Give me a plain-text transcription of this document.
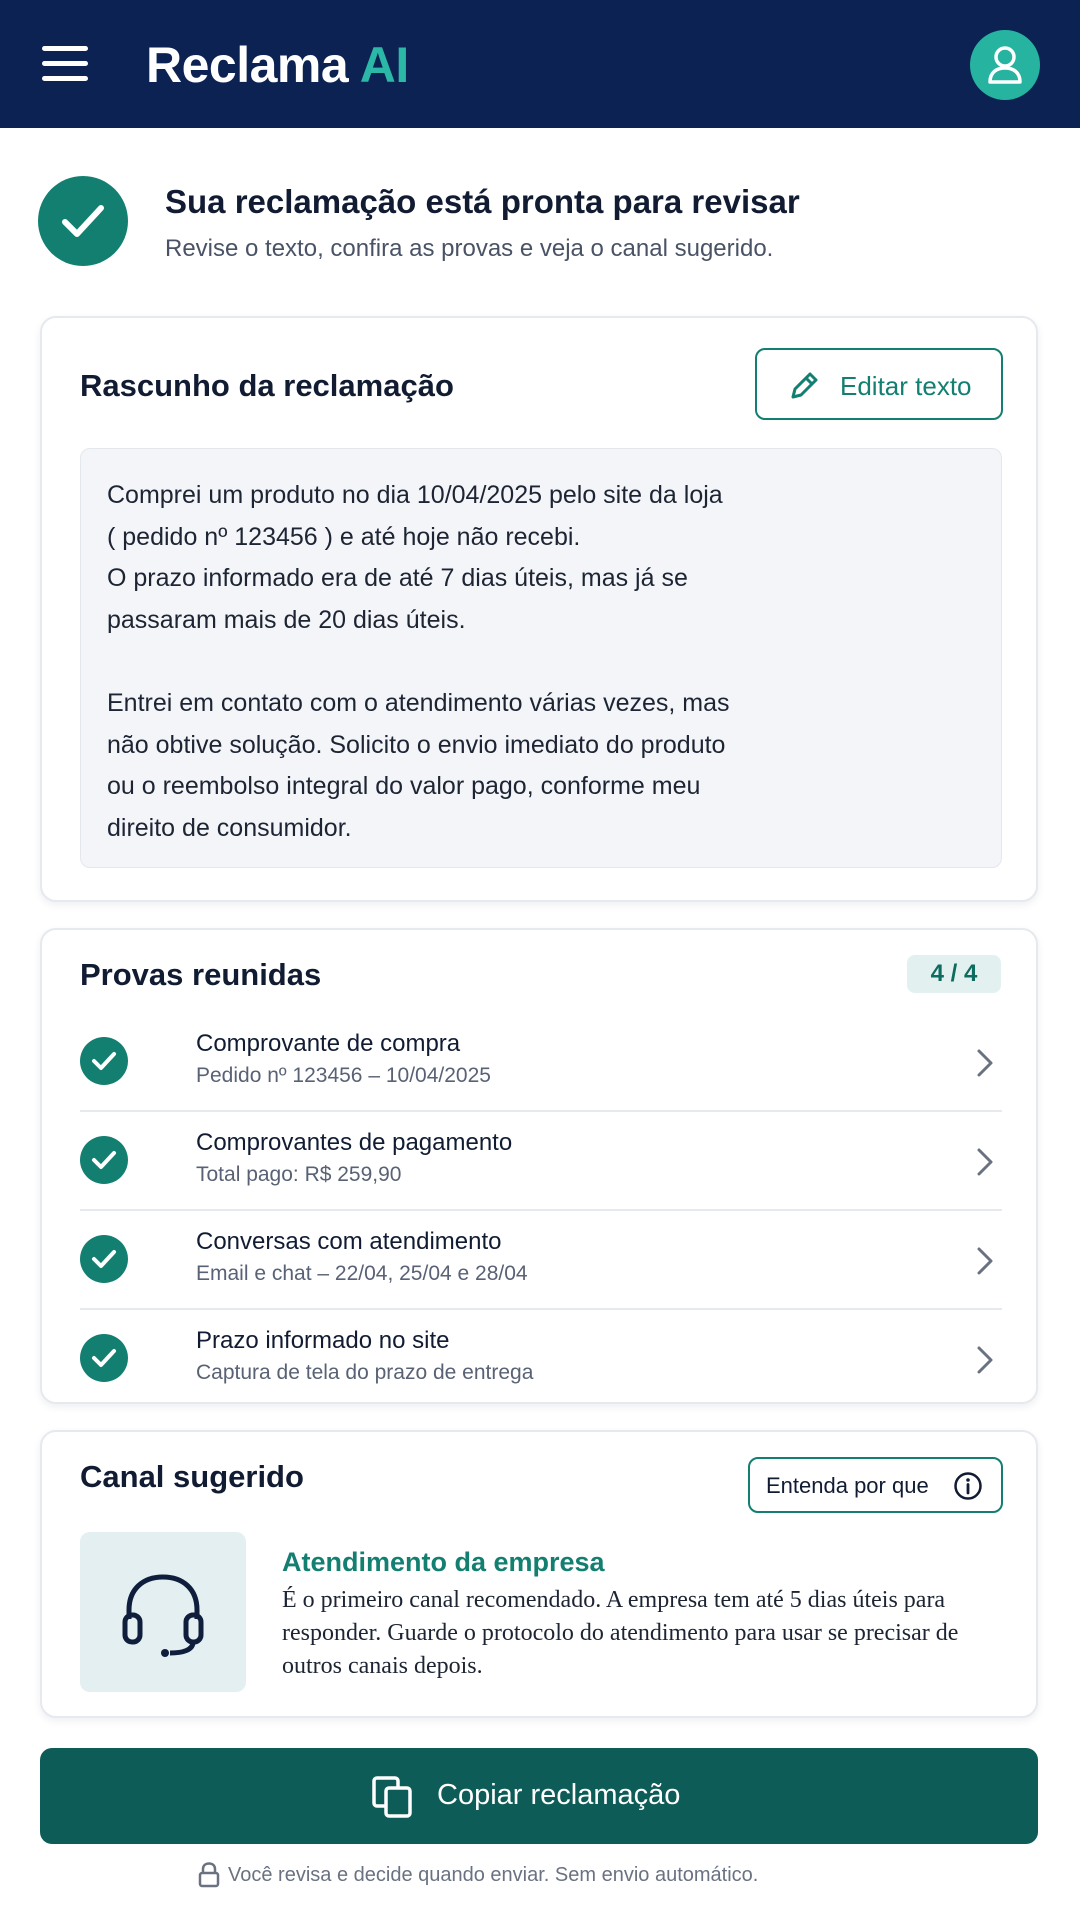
Reclama AI
Sua reclamação está pronta para revisar
Revise o texto, confira as provas e veja o canal sugerido.
Rascunho da reclamação	Editar texto

Comprei um produto no dia 10/04/2025 pelo site da loja
( pedido nº 123456 ) e até hoje não recebi.
O prazo informado era de até 7 dias úteis, mas já se
passaram mais de 20 dias úteis.

Entrei em contato com o atendimento várias vezes, mas
não obtive solução. Solicito o envio imediato do produto
ou o reembolso integral do valor pago, conforme meu
direito de consumidor.

Provas reunidas	4 / 4
Comprovante de compra
Pedido nº 123456 – 10/04/2025
Comprovantes de pagamento
Total pago: R$ 259,90
Conversas com atendimento
Email e chat – 22/04, 25/04 e 28/04
Prazo informado no site
Captura de tela do prazo de entrega
Canal sugerido	Entenda por que
Atendimento da empresa
É o primeiro canal recomendado. A empresa tem até 5 dias úteis para responder. Guarde o protocolo do atendimento para usar se precisar de outros canais depois.
Copiar reclamação
Você revisa e decide quando enviar. Sem envio automático.
